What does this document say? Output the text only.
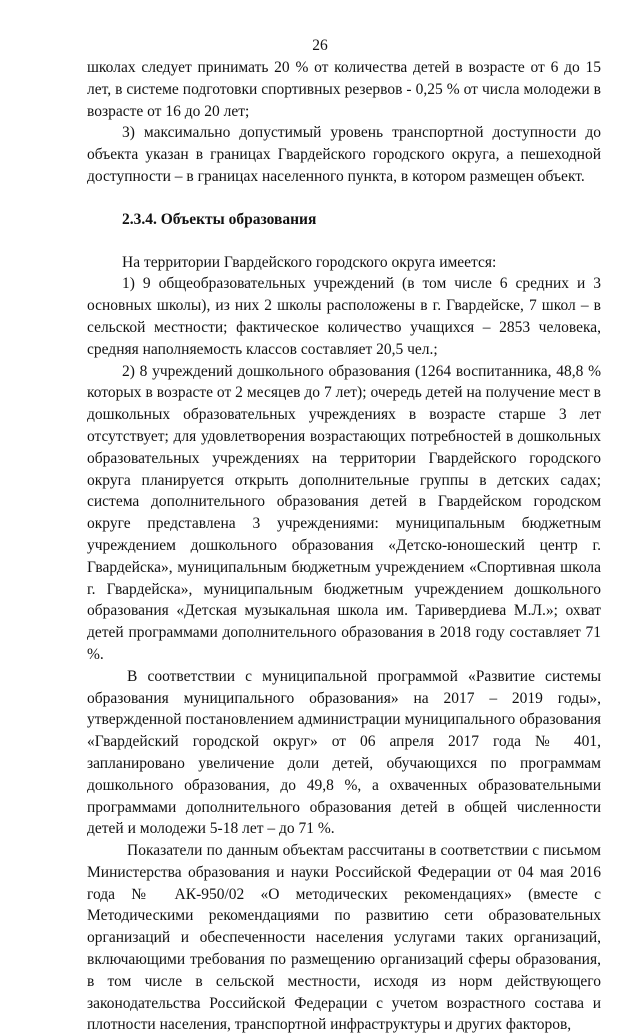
26

школах следует принимать 20 % от количества детей в возрасте от 6 до 15 лет, в системе подготовки спортивных резервов - 0,25 % от числа молодежи в возрасте от 16 до 20 лет;

3) максимально допустимый уровень транспортной доступности до объекта указан в границах Гвардейского городского округа, а пешеходной доступности – в границах населенного пункта, в котором размещен объект.

2.3.4. Объекты образования

На территории Гвардейского городского округа имеется:

1) 9 общеобразовательных учреждений (в том числе 6 средних и 3 основных школы), из них 2 школы расположены в г. Гвардейске, 7 школ – в сельской местности; фактическое количество учащихся – 2853 человека, средняя наполняемость классов составляет 20,5 чел.;

2) 8 учреждений дошкольного образования (1264 воспитанника, 48,8 % которых в возрасте от 2 месяцев до 7 лет); очередь детей на получение мест в дошкольных образовательных учреждениях в возрасте старше 3 лет отсутствует; для удовлетворения возрастающих потребностей в дошкольных образовательных учреждениях на территории Гвардейского городского округа планируется открыть дополнительные группы в детских садах; система дополнительного образования детей в Гвардейском городском округе представлена 3 учреждениями: муниципальным бюджетным учреждением дошкольного образования «Детско-юношеский центр г. Гвардейска», муниципальным бюджетным учреждением «Спортивная школа г. Гвардейска», муниципальным бюджетным учреждением дошкольного образования «Детская музыкальная школа им. Таривердиева М.Л.»; охват детей программами дополнительного образования в 2018 году составляет 71 %.

В соответствии с муниципальной программой «Развитие системы образования муниципального образования» на 2017 – 2019 годы», утвержденной постановлением администрации муниципального образования «Гвардейский городской округ» от 06 апреля 2017 года № 401, запланировано увеличение доли детей, обучающихся по программам дошкольного образования, до 49,8 %, а охваченных образовательными программами дополнительного образования детей в общей численности детей и молодежи 5-18 лет – до 71 %.

Показатели по данным объектам рассчитаны в соответствии с письмом Министерства образования и науки Российской Федерации от 04 мая 2016 года № АК-950/02 «О методических рекомендациях» (вместе с Методическими рекомендациями по развитию сети образовательных организаций и обеспеченности населения услугами таких организаций, включающими требования по размещению организаций сферы образования, в том числе в сельской местности, исходя из норм действующего законодательства Российской Федерации с учетом возрастного состава и плотности населения, транспортной инфраструктуры и других факторов,
